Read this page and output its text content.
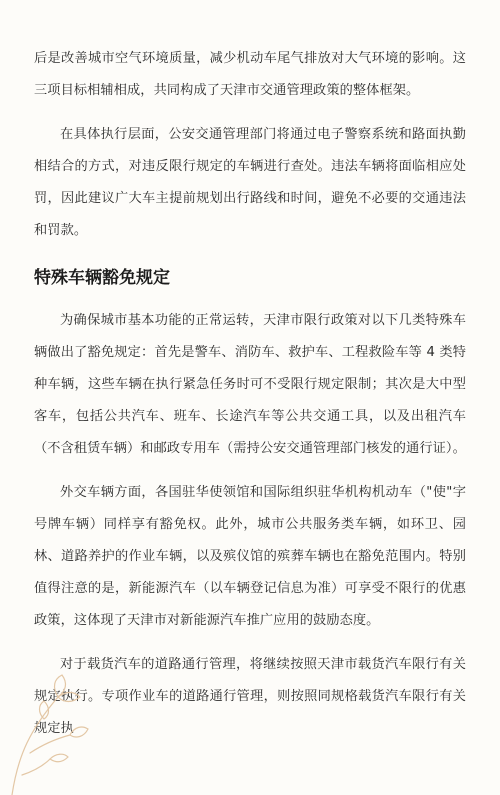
后是改善城市空气环境质量，减少机动车尾气排放对大气环境的影响。这三项目标相辅相成，共同构成了天津市交通管理政策的整体框架。

在具体执行层面，公安交通管理部门将通过电子警察系统和路面执勤相结合的方式，对违反限行规定的车辆进行查处。违法车辆将面临相应处罚，因此建议广大车主提前规划出行路线和时间，避免不必要的交通违法和罚款。

特殊车辆豁免规定

为确保城市基本功能的正常运转，天津市限行政策对以下几类特殊车辆做出了豁免规定：首先是警车、消防车、救护车、工程救险车等 4 类特种车辆，这些车辆在执行紧急任务时可不受限行规定限制；其次是大中型客车，包括公共汽车、班车、长途汽车等公共交通工具，以及出租汽车（不含租赁车辆）和邮政专用车（需持公安交通管理部门核发的通行证）。

外交车辆方面，各国驻华使领馆和国际组织驻华机构机动车（"使"字号牌车辆）同样享有豁免权。此外，城市公共服务类车辆，如环卫、园林、道路养护的作业车辆，以及殡仪馆的殡葬车辆也在豁免范围内。特别值得注意的是，新能源汽车（以车辆登记信息为准）可享受不限行的优惠政策，这体现了天津市对新能源汽车推广应用的鼓励态度。

对于载货汽车的道路通行管理，将继续按照天津市载货汽车限行有关规定执行。专项作业车的道路通行管理，则按照同规格载货汽车限行有关规定执
